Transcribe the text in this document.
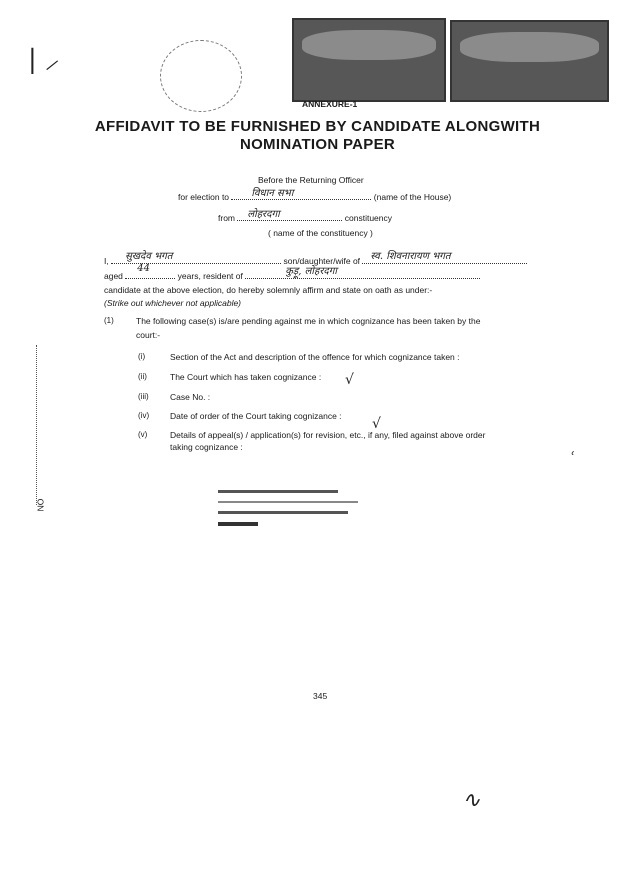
| ⸝
NO
ANNEXURE-1
AFFIDAVIT TO BE FURNISHED BY CANDIDATE ALONGWITH
NOMINATION PAPER
Before the Returning Officer
for election to विधान सभा	(name of the House)
from लोहरदगा	constituency
( name of the constituency )
I, सुखदेव भगत	son/daughter/wife of स्व. शिवनारायण भगत
aged
44
years, resident of	कुड़ू, लोहरदगा
candidate at the above election, do hereby solemnly affirm and state on oath as under:-
(Strike out whichever not applicable)
(1)	The following case(s) is/are pending against me in which cognizance has been taken by the
court:-
(i)	Section of the Act and description of the offence for which cognizance taken :
(ii)	The Court which has taken cognizance :
(iii)	Case No. :
(iv) Date of order of the Court taking cognizance :
(v)	Details of appeal(s) / application(s) for revision, etc., if any, filed against above order
taking cognizance :
√
√
ʿ
345
∿
